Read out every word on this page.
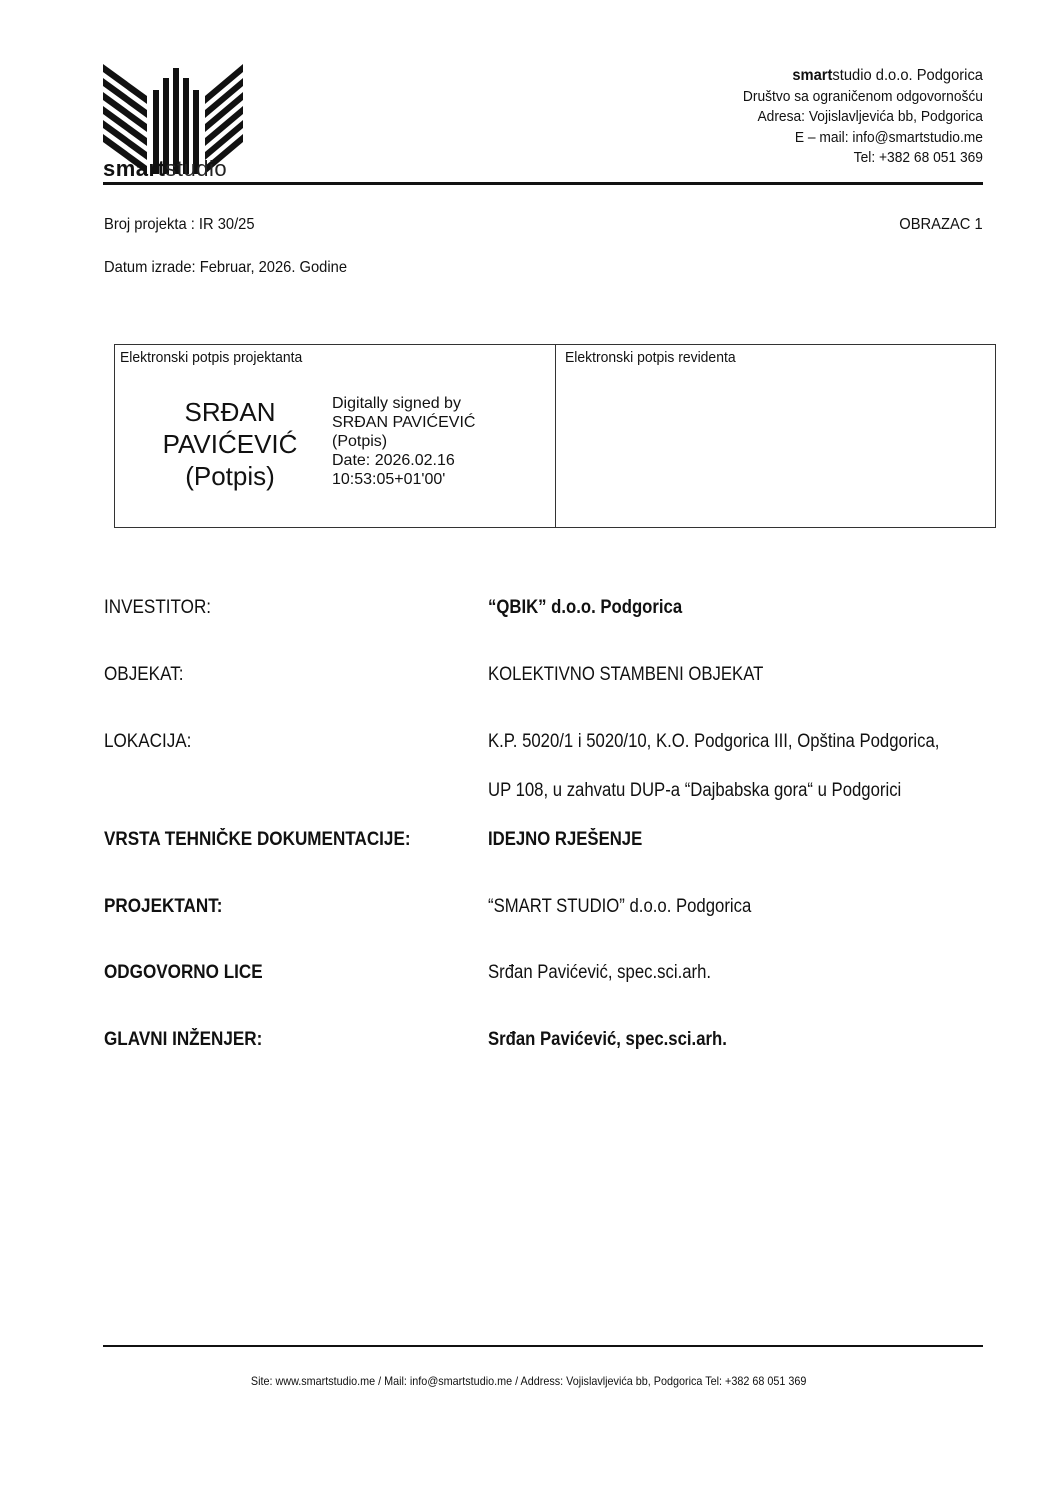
smartstudio
smartstudio d.o.o. Podgorica
Društvo sa ograničenom odgovornošću
Adresa: Vojislavljevića bb, Podgorica
E – mail: info@smartstudio.me
Tel: +382 68 051 369
Broj projekta : IR 30/25	OBRAZAC 1
Datum izrade: Februar, 2026. Godine
Elektronski potpis projektanta	Elektronski potpis revidenta
SRĐAN
PAVIĆEVIĆ
(Potpis)
Digitally signed by
SRĐAN PAVIĆEVIĆ
(Potpis)
Date: 2026.02.16
10:53:05+01'00'
INVESTITOR:	“QBIK” d.o.o. Podgorica
OBJEKAT:	KOLEKTIVNO STAMBENI OBJEKAT
LOKACIJA:	K.P. 5020/1 i 5020/10, K.O. Podgorica III, Opština Podgorica,
UP 108, u zahvatu DUP-a “Dajbabska gora“ u Podgorici
VRSTA TEHNIČKE DOKUMENTACIJE:	IDEJNO RJEŠENJE
PROJEKTANT:	“SMART STUDIO” d.o.o. Podgorica
ODGOVORNO LICE	Srđan Pavićević, spec.sci.arh.
GLAVNI INŽENJER:	Srđan Pavićević, spec.sci.arh.
Site: www.smartstudio.me / Mail: info@smartstudio.me / Address: Vojislavljevića bb, Podgorica Tel: +382 68 051 369
